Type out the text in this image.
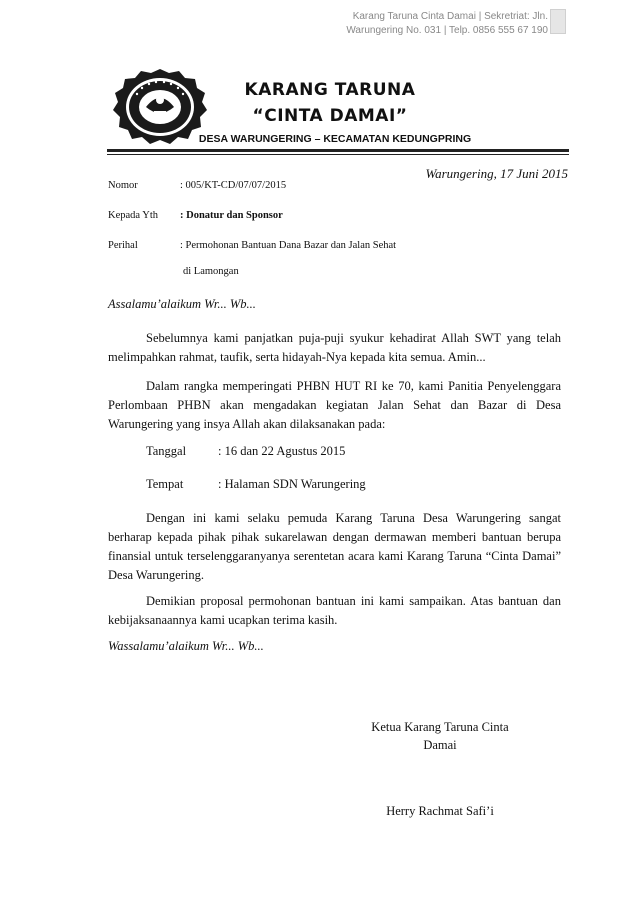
Karang Taruna Cinta Damai | Sekretriat: Jln.
Warungering No. 031 | Telp. 0856 555 67 190
KARANG TARUNA
“CINTA DAMAI”
DESA WARUNGERING – KECAMATAN KEDUNGPRING
Warungering, 17 Juni 2015
Nomor	: 005/KT-CD/07/07/2015
Kepada Yth : Donatur dan Sponsor
Perihal	: Permohonan Bantuan Dana Bazar dan Jalan Sehat
di Lamongan
Assalamu’alaikum Wr... Wb...
Sebelumnya kami panjatkan puja-puji syukur kehadirat Allah SWT yang telah melimpahkan rahmat, taufik, serta hidayah-Nya kepada kita semua. Amin...
Dalam rangka memperingati PHBN HUT RI ke 70, kami Panitia Penyelenggara Perlombaan PHBN akan mengadakan kegiatan Jalan Sehat dan Bazar di Desa Warungering yang insya Allah akan dilaksanakan pada:
Tanggal	: 16 dan 22 Agustus 2015
Tempat	: Halaman SDN Warungering
Dengan ini kami selaku pemuda Karang Taruna Desa Warungering sangat berharap kepada pihak pihak sukarelawan dengan dermawan memberi bantuan berupa finansial untuk terselenggaranyanya serentetan acara kami Karang Taruna “Cinta Damai” Desa Warungering.
Demikian proposal permohonan bantuan ini kami sampaikan. Atas bantuan dan kebijaksanaannya kami ucapkan terima kasih.
Wassalamu’alaikum Wr... Wb...
Ketua Karang Taruna Cinta
Damai
Herry Rachmat Safi’i
